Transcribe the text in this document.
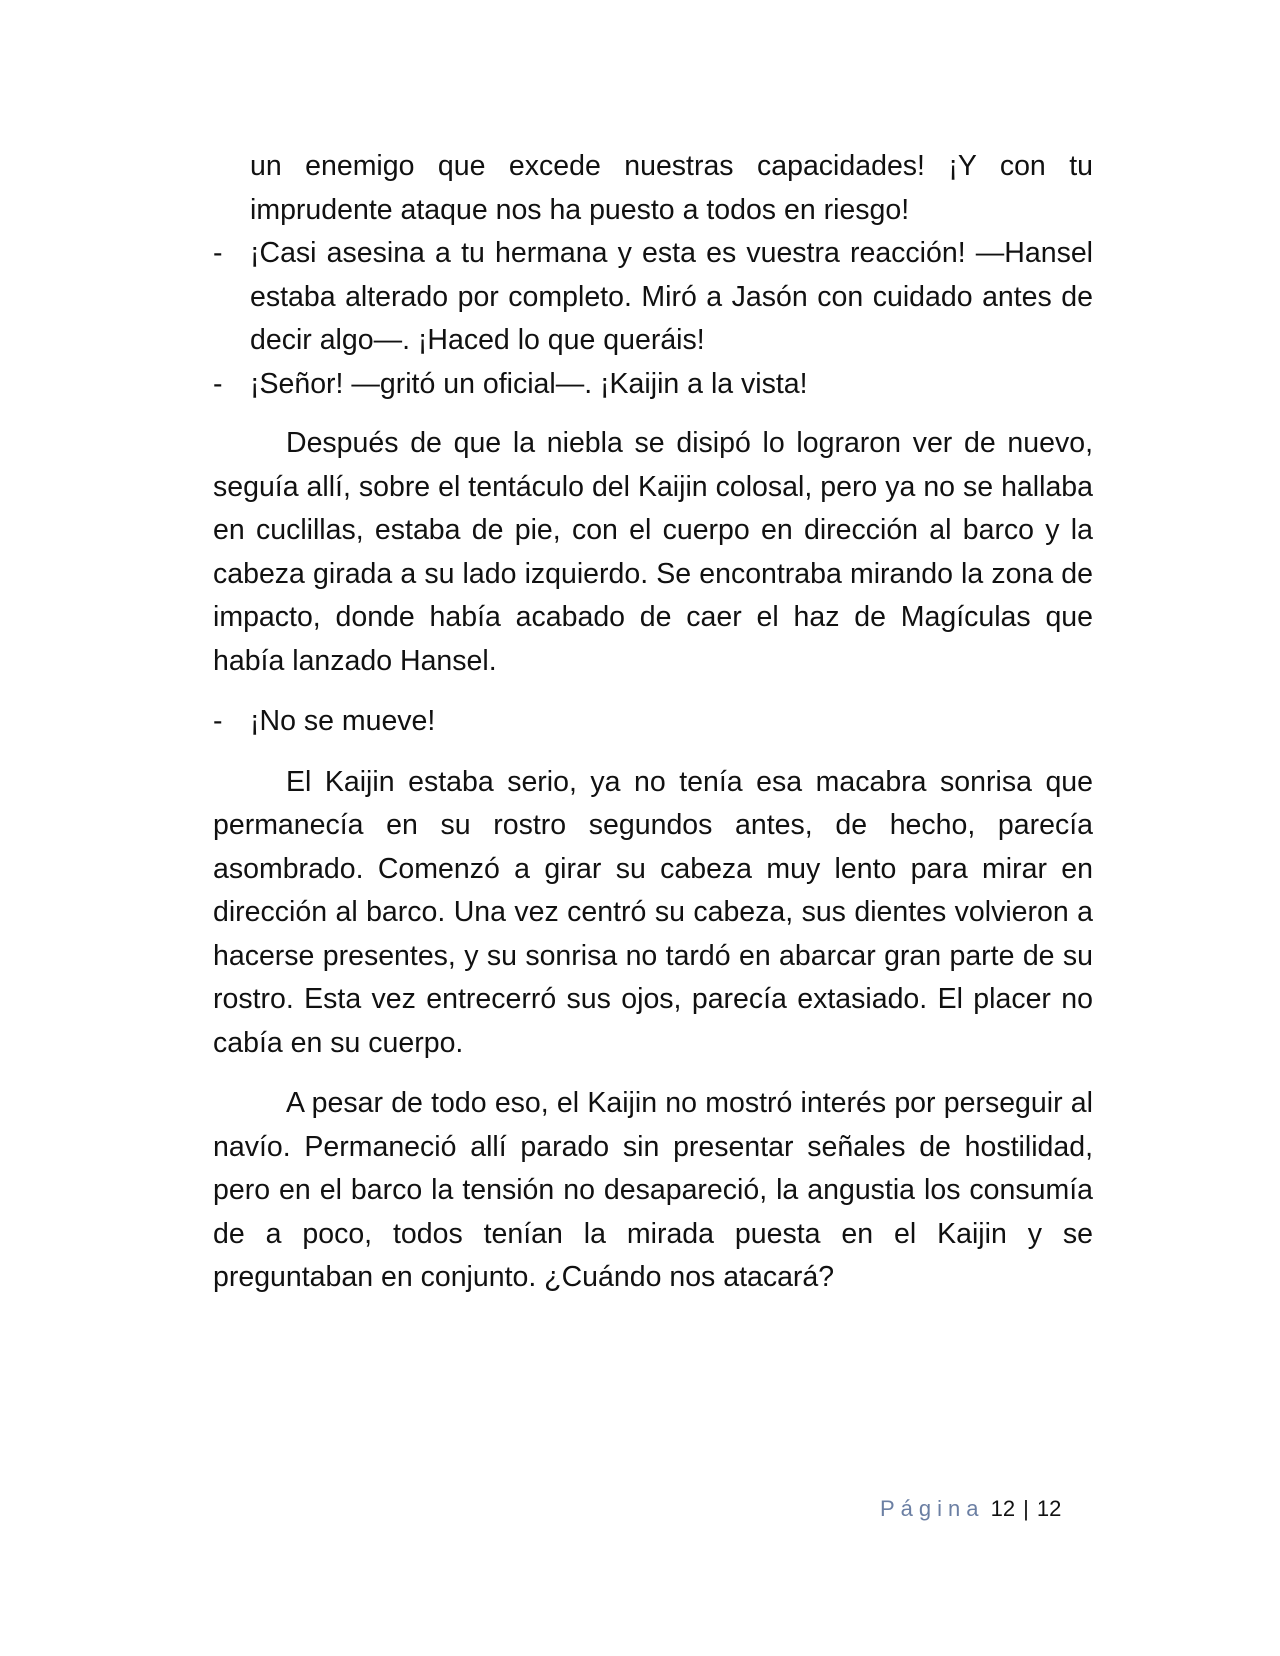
un enemigo que excede nuestras capacidades! ¡Y con tu imprudente ataque nos ha puesto a todos en riesgo!

- ¡Casi asesina a tu hermana y esta es vuestra reacción! —Hansel estaba alterado por completo. Miró a Jasón con cuidado antes de decir algo—. ¡Haced lo que queráis!
- ¡Señor! —gritó un oficial—. ¡Kaijin a la vista!

Después de que la niebla se disipó lo lograron ver de nuevo, seguía allí, sobre el tentáculo del Kaijin colosal, pero ya no se hallaba en cuclillas, estaba de pie, con el cuerpo en dirección al barco y la cabeza girada a su lado izquierdo. Se encontraba mirando la zona de impacto, donde había acabado de caer el haz de Magículas que había lanzado Hansel.

- ¡No se mueve!

El Kaijin estaba serio, ya no tenía esa macabra sonrisa que permanecía en su rostro segundos antes, de hecho, parecía asombrado. Comenzó a girar su cabeza muy lento para mirar en dirección al barco. Una vez centró su cabeza, sus dientes volvieron a hacerse presentes, y su sonrisa no tardó en abarcar gran parte de su rostro. Esta vez entrecerró sus ojos, parecía extasiado. El placer no cabía en su cuerpo.

A pesar de todo eso, el Kaijin no mostró interés por perseguir al navío. Permaneció allí parado sin presentar señales de hostilidad, pero en el barco la tensión no desapareció, la angustia los consumía de a poco, todos tenían la mirada puesta en el Kaijin y se preguntaban en conjunto. ¿Cuándo nos atacará?

Página 12 | 12
